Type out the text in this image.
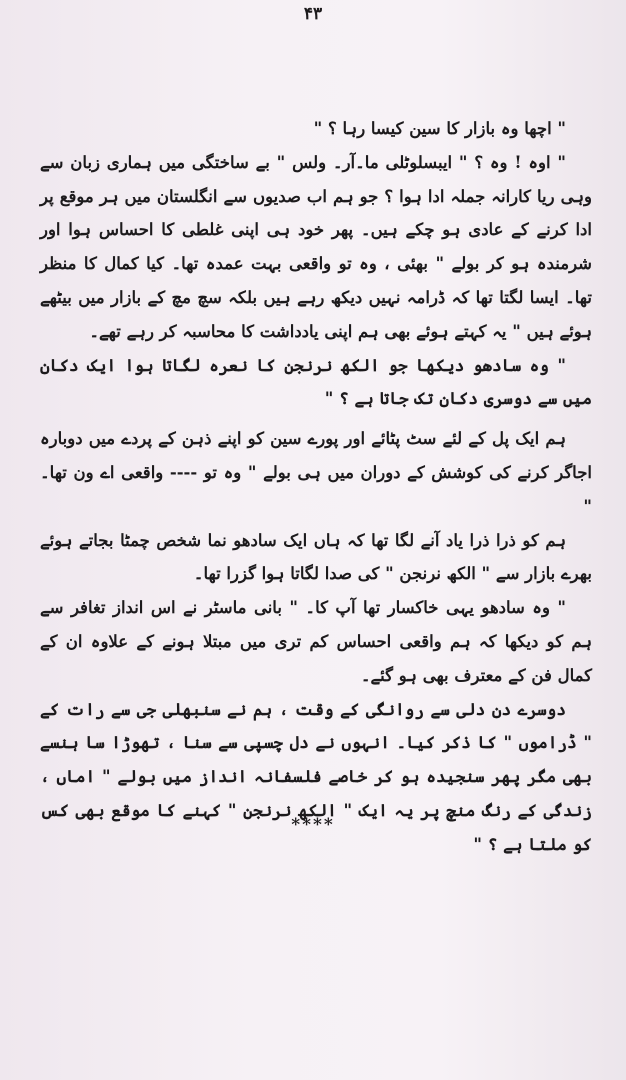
۴۳

" اچھا وہ بازار کا سین کیسا رہا ؟ "

" اوہ ! وہ ؟ " ایبسلوٹلی ما۔آر۔ ولس " بے ساختگی میں ہماری زبان سے وہی ریا کارانہ جملہ ادا ہوا ؟ جو ہم اب صدیوں سے انگلستان میں ہر موقع پر ادا کرنے کے عادی ہو چکے ہیں۔ پھر خود ہی اپنی غلطی کا احساس ہوا اور شرمندہ ہو کر بولے " بھئی ، وہ تو واقعی بہت عمدہ تھا۔ کیا کمال کا منظر تھا۔ ایسا لگتا تھا کہ ڈرامہ نہیں دیکھ رہے ہیں بلکہ سچ مچ کے بازار میں بیٹھے ہوئے ہیں " یہ کہتے ہوئے بھی ہم اپنی یادداشت کا محاسبہ کر رہے تھے۔

" وہ سادھو دیکھا جو الکھ نرنجن کا نعرہ لگاتا ہوا ایک دکان میں سے دوسری دکان تک جاتا ہے ؟ "

ہم ایک پل کے لئے سٹ پٹائے اور پورے سین کو اپنے ذہن کے پردے میں دوبارہ اجاگر کرنے کی کوشش کے دوران میں ہی بولے " وہ تو ---- واقعی اے ون تھا۔ "

ہم کو ذرا ذرا یاد آنے لگا تھا کہ ہاں ایک سادھو نما شخص چمٹا بجاتے ہوئے بھرے بازار سے " الکھ نرنجن " کی صدا لگاتا ہوا گزرا تھا۔

" وہ سادھو یہی خاکسار تھا آپ کا۔ " بانی ماسٹر نے اس انداز تغافر سے ہم کو دیکھا کہ ہم واقعی احساس کم تری میں مبتلا ہونے کے علاوہ ان کے کمال فن کے معترف بھی ہو گئے۔

دوسرے دن دلی سے روانگی کے وقت ، ہم نے سنبھلی جی سے رات کے " ڈراموں " کا ذکر کیا۔ انہوں نے دل چسپی سے سنا ، تھوڑا سا ہنسے بھی مگر پھر سنجیدہ ہو کر خاصے فلسفانہ انداز میں بولے " اماں ، زندگی کے رنگ منچ پر یہ ایک " الکھ نرنجن " کہنے کا موقع بھی کس کو ملتا ہے ؟ "

****
